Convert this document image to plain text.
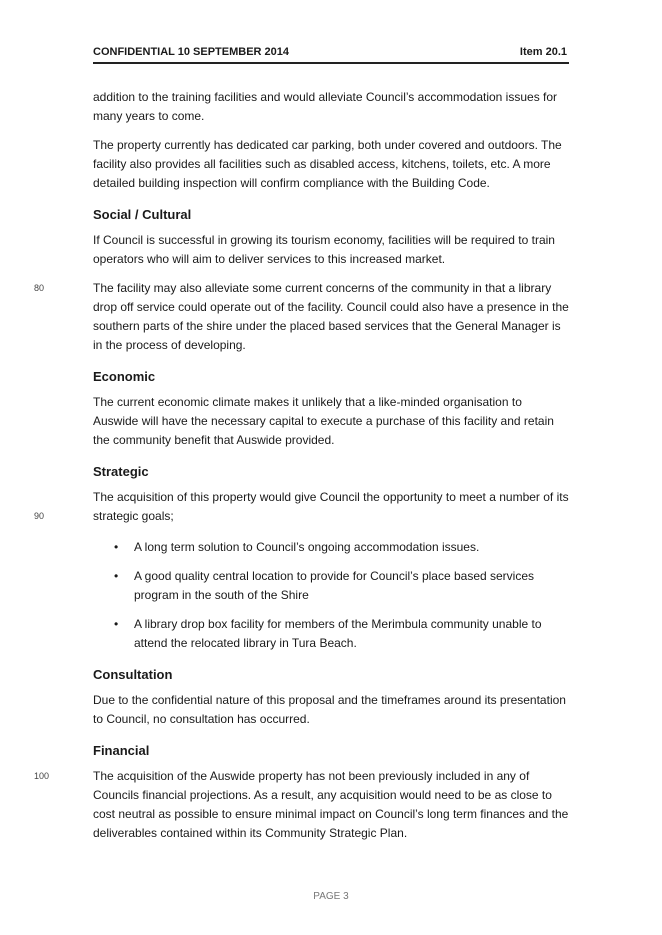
CONFIDENTIAL 10 SEPTEMBER 2014	Item 20.1

addition to the training facilities and would alleviate Council’s accommodation issues for many years to come.

The property currently has dedicated car parking, both under covered and outdoors. The facility also provides all facilities such as disabled access, kitchens, toilets, etc. A more detailed building inspection will confirm compliance with the Building Code.

Social / Cultural

If Council is successful in growing its tourism economy, facilities will be required to train operators who will aim to deliver services to this increased market.

80	The facility may also alleviate some current concerns of the community in that a library drop off service could operate out of the facility. Council could also have a presence in the southern parts of the shire under the placed based services that the General Manager is in the process of developing.

Economic

The current economic climate makes it unlikely that a like-minded organisation to Auswide will have the necessary capital to execute a purchase of this facility and retain the community benefit that Auswide provided.

Strategic
90

The acquisition of this property would give Council the opportunity to meet a number of its strategic goals;

• A long term solution to Council’s ongoing accommodation issues.
• A good quality central location to provide for Council’s place based services program in the south of the Shire
• A library drop box facility for members of the Merimbula community unable to attend the relocated library in Tura Beach.
Consultation

Due to the confidential nature of this proposal and the timeframes around its presentation to Council, no consultation has occurred.

Financial
100	The acquisition of the Auswide property has not been previously included in any of Councils financial projections. As a result, any acquisition would need to be as close to cost neutral as possible to ensure minimal impact on Council’s long term finances and the deliverables contained within its Community Strategic Plan.

PAGE 3
